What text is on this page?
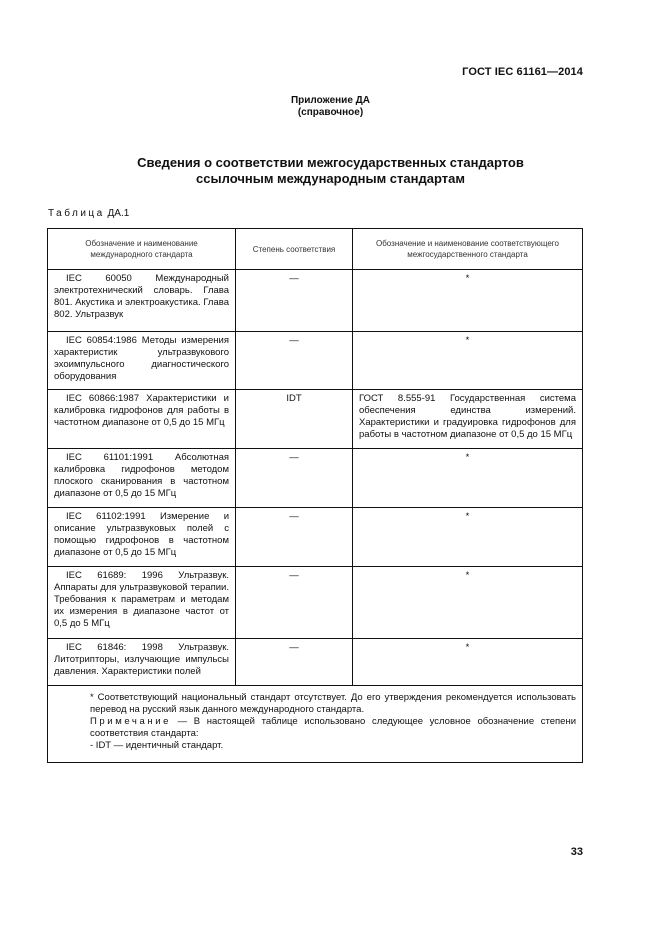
ГОСТ IEC 61161—2014
Приложение ДА
(справочное)
Сведения о соответствии межгосударственных стандартов
ссылочным международным стандартам
Таблица ДА.1
Обозначение и наименование международного стандарта	Степень соответствия	Обозначение и наименование соответствующего межгосударственного стандарта
IEC 60050 Международный электротехнический словарь. Глава 801. Акустика и электроакустика. Глава 802. Ультразвук	—	*
IEC 60854:1986 Методы измерения характеристик ультразвукового эхоимпульсного диагностического оборудования	—	*
IEC 60866:1987 Характеристики и калибровка гидрофонов для работы в частотном диапазоне от 0,5 до 15 МГц	IDT	ГОСТ 8.555-91 Государственная система обеспечения единства измерений. Характеристики и градуировка гидрофонов для работы в частотном диапазоне от 0,5 до 15 МГц
IEC 61101:1991 Абсолютная калибровка гидрофонов методом плоского сканирования в частотном диапазоне от 0,5 до 15 МГц	—	*
IEC 61102:1991 Измерение и описание ультразвуковых полей с помощью гидрофонов в частотном диапазоне от 0,5 до 15 МГц	—	*
IEC 61689: 1996 Ультразвук. Аппараты для ультразвуковой терапии. Требования к параметрам и методам их измерения в диапазоне частот от 0,5 до 5 МГц	—	*
IEC 61846: 1998 Ультразвук. Литотрипторы, излучающие импульсы давления. Характеристики полей	—	*

* Соответствующий национальный стандарт отсутствует. До его утверждения рекомендуется использовать перевод на русский язык данного международного стандарта.

Примечание — В настоящей таблице использовано следующее условное обозначение степени соответствия стандарта:

- IDT — идентичный стандарт.		

33
